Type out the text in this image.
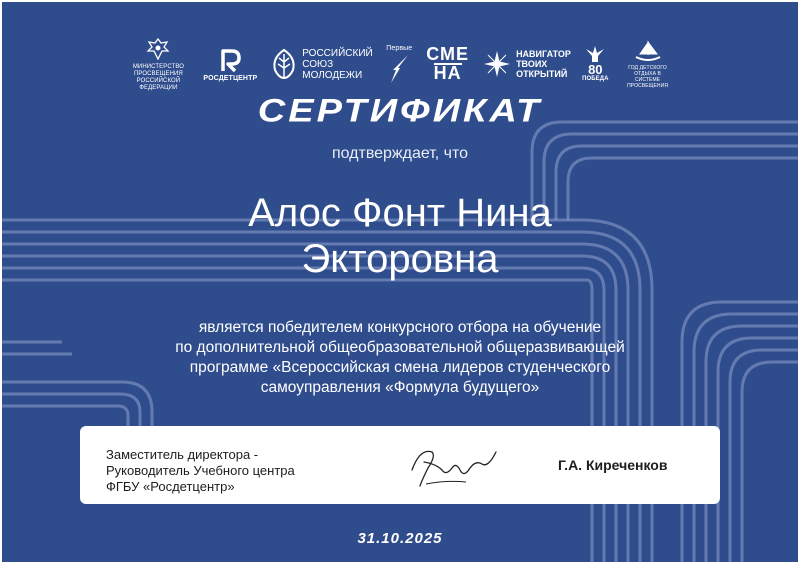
МИНИСТЕРСТВО ПРОСВЕЩЕНИЯ РОССИЙСКОЙ ФЕДЕРАЦИИ
РОСДЕТЦЕНТР
РОССИЙСКИЙ СОЮЗ МОЛОДЕЖИ
Первые СМЕ
НА
НАВИГАТОР ТВОИХ ОТКРЫТИЙ 80
ПОБЕДА
ГОД ДЕТСКОГО ОТДЫХА В СИСТЕМЕ ПРОСВЕЩЕНИЯ
СЕРТИФИКАТ
подтверждает, что
Алос Фонт Нина
Экторовна
является победителем конкурсного отбора на обучение
по дополнительной общеобразовательной общеразвивающей
программе «Всероссийская смена лидеров студенческого
самоуправления «Формула будущего»
Заместитель директора -
Руководитель Учебного центра
ФГБУ «Росдетцентр»
Г.А. Киреченков
31.10.2025
